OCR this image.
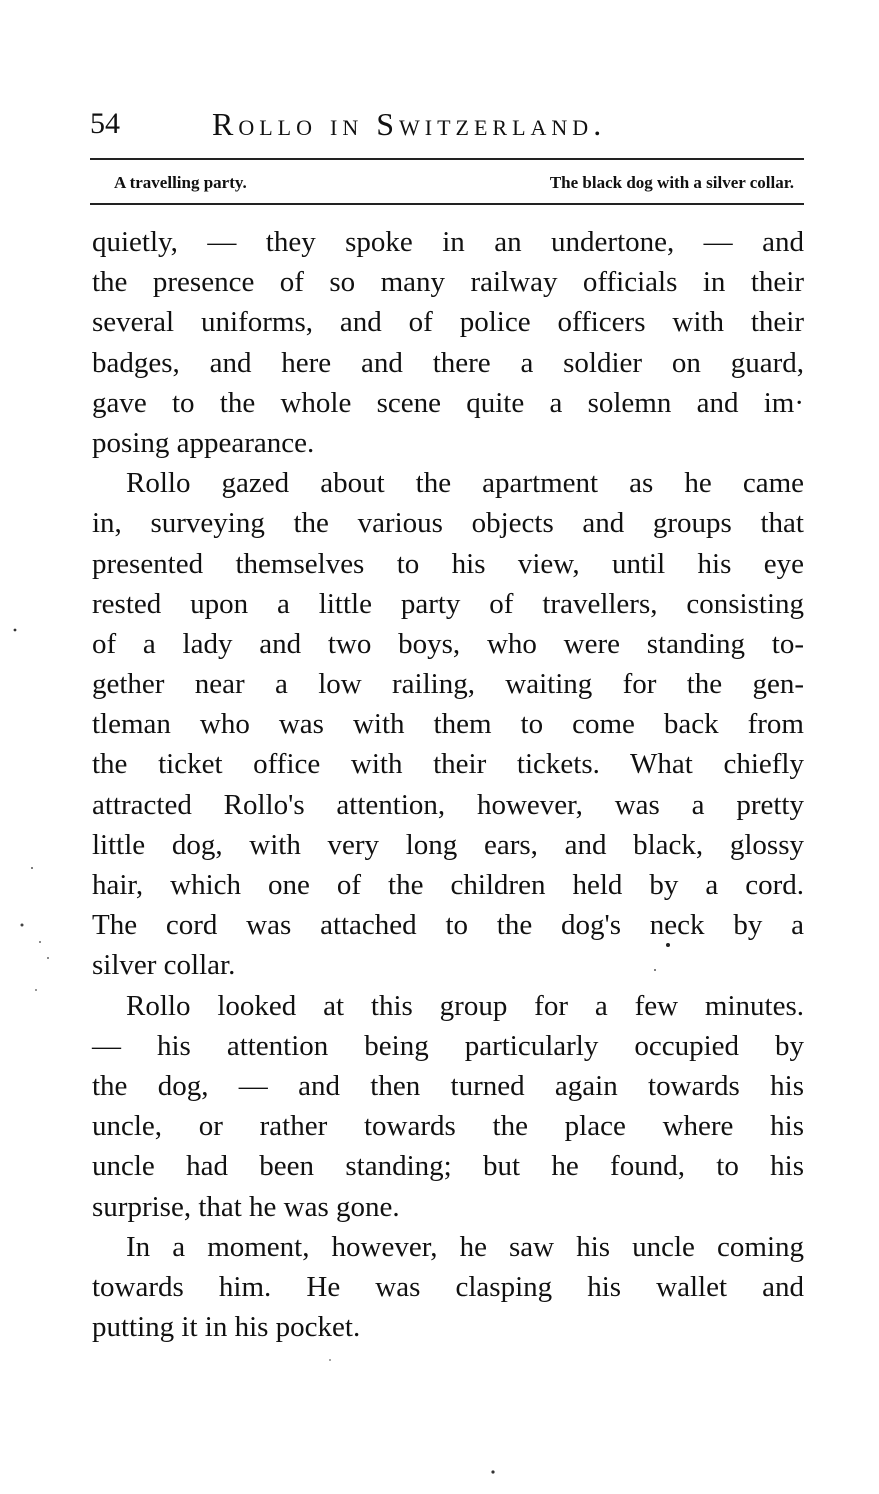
54	Rollo in Switzerland.
A travelling party.	The black dog with a silver collar.
quietly, — they spoke in an undertone, — and
the presence of so many railway officials in their
several uniforms, and of police officers with their
badges, and here and there a soldier on guard,
gave to the whole scene quite a solemn and im·
posing appearance.
Rollo gazed about the apartment as he came
in, surveying the various objects and groups that
presented themselves to his view, until his eye
rested upon a little party of travellers, consisting
of a lady and two boys, who were standing to-
gether near a low railing, waiting for the gen-
tleman who was with them to come back from
the ticket office with their tickets. What chiefly
attracted Rollo's attention, however, was a pretty
little dog, with very long ears, and black, glossy
hair, which one of the children held by a cord.
The cord was attached to the dog's neck by a
silver collar.
Rollo looked at this group for a few minutes.
— his attention being particularly occupied by
the dog, — and then turned again towards his
uncle, or rather towards the place where his
uncle had been standing; but he found, to his
surprise, that he was gone.
In a moment, however, he saw his uncle coming
towards him. He was clasping his wallet and
putting it in his pocket.
